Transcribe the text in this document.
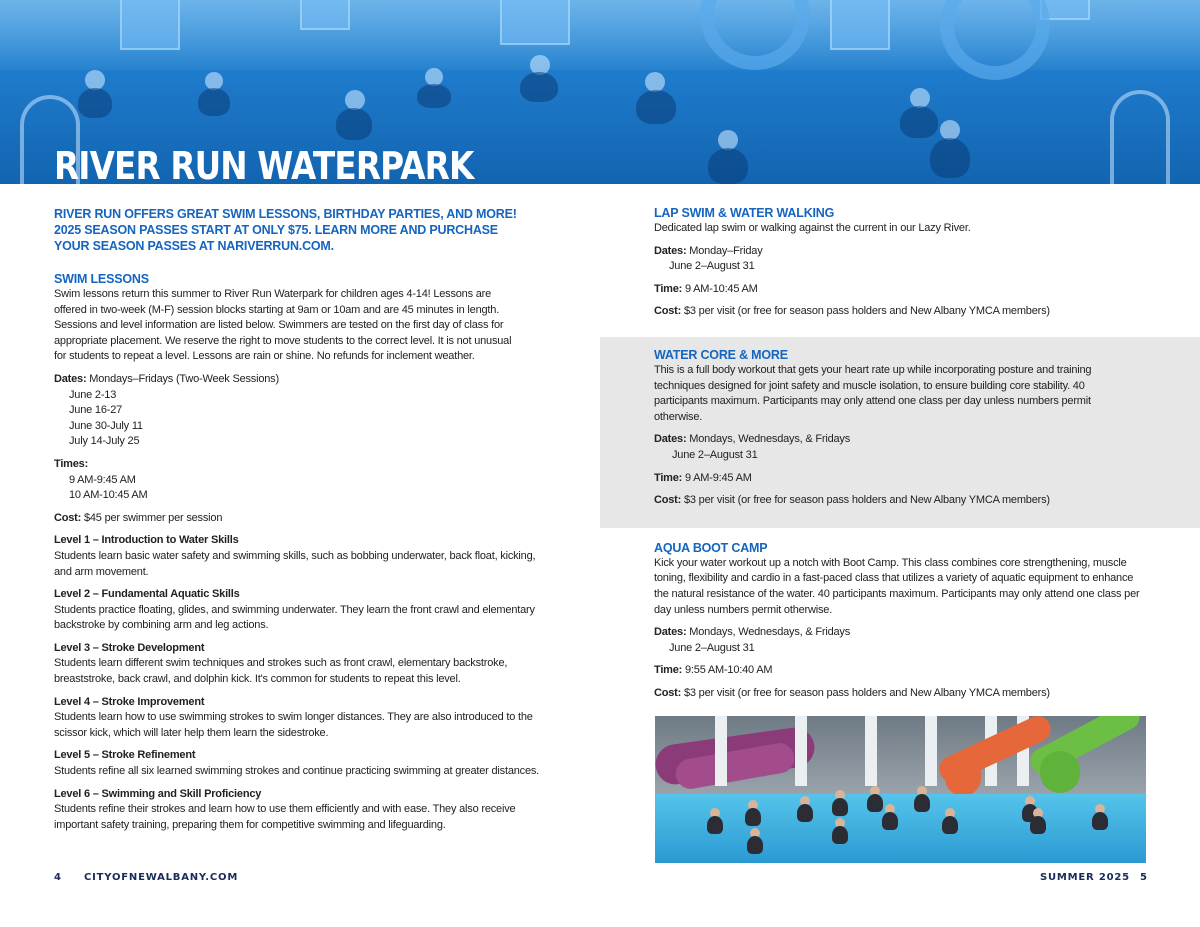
RIVER RUN WATERPARK
RIVER RUN OFFERS GREAT SWIM LESSONS, BIRTHDAY PARTIES, AND MORE! 2025 SEASON PASSES START AT ONLY $75. LEARN MORE AND PURCHASE YOUR SEASON PASSES AT NARIVERRUN.COM.
SWIM LESSONS

Swim lessons return this summer to River Run Waterpark for children ages 4-14! Lessons are offered in two-week (M-F) session blocks starting at 9am or 10am and are 45 minutes in length. Sessions and level information are listed below. Swimmers are tested on the first day of class for appropriate placement. We reserve the right to move students to the correct level. It is not unusual for students to repeat a level. Lessons are rain or shine. No refunds for inclement weather.

Dates: Mondays–Fridays (Two-Week Sessions)

June 2-13

June 16-27

June 30-July 11

July 14-July 25

Times:

9 AM-9:45 AM

10 AM-10:45 AM

Cost: $45 per swimmer per session

Level 1 – Introduction to Water Skills

Students learn basic water safety and swimming skills, such as bobbing underwater, back float, kicking, and arm movement.

Level 2 – Fundamental Aquatic Skills

Students practice floating, glides, and swimming underwater. They learn the front crawl and elementary backstroke by combining arm and leg actions.

Level 3 – Stroke Development

Students learn different swim techniques and strokes such as front crawl, elementary backstroke, breaststroke, back crawl, and dolphin kick. It's common for students to repeat this level.

Level 4 – Stroke Improvement

Students learn how to use swimming strokes to swim longer distances. They are also introduced to the scissor kick, which will later help them learn the sidestroke.

Level 5 – Stroke Refinement

Students refine all six learned swimming strokes and continue practicing swimming at greater distances.

Level 6 – Swimming and Skill Proficiency

Students refine their strokes and learn how to use them efficiently and with ease. They also receive important safety training, preparing them for competitive swimming and lifeguarding.

LAP SWIM & WATER WALKING

Dedicated lap swim or walking against the current in our Lazy River.

Dates: Monday–Friday

June 2–August 31

Time: 9 AM-10:45 AM

Cost: $3 per visit (or free for season pass holders and New Albany YMCA members)

WATER CORE & MORE

This is a full body workout that gets your heart rate up while incorporating posture and training techniques designed for joint safety and muscle isolation, to ensure building core stability. 40 participants maximum. Participants may only attend one class per day unless numbers permit otherwise.

Dates: Mondays, Wednesdays, & Fridays

June 2–August 31

Time: 9 AM-9:45 AM

Cost: $3 per visit (or free for season pass holders and New Albany YMCA members)

AQUA BOOT CAMP

Kick your water workout up a notch with Boot Camp. This class combines core strengthening, muscle toning, flexibility and cardio in a fast-paced class that utilizes a variety of aquatic equipment to enhance the natural resistance of the water. 40 participants maximum. Participants may only attend one class per day unless numbers permit otherwise.

Dates: Mondays, Wednesdays, & Fridays

June 2–August 31

Time: 9:55 AM-10:40 AM

Cost: $3 per visit (or free for season pass holders and New Albany YMCA members)

4 CITYOFNEWALBANY.COM	SUMMER 2025 5
